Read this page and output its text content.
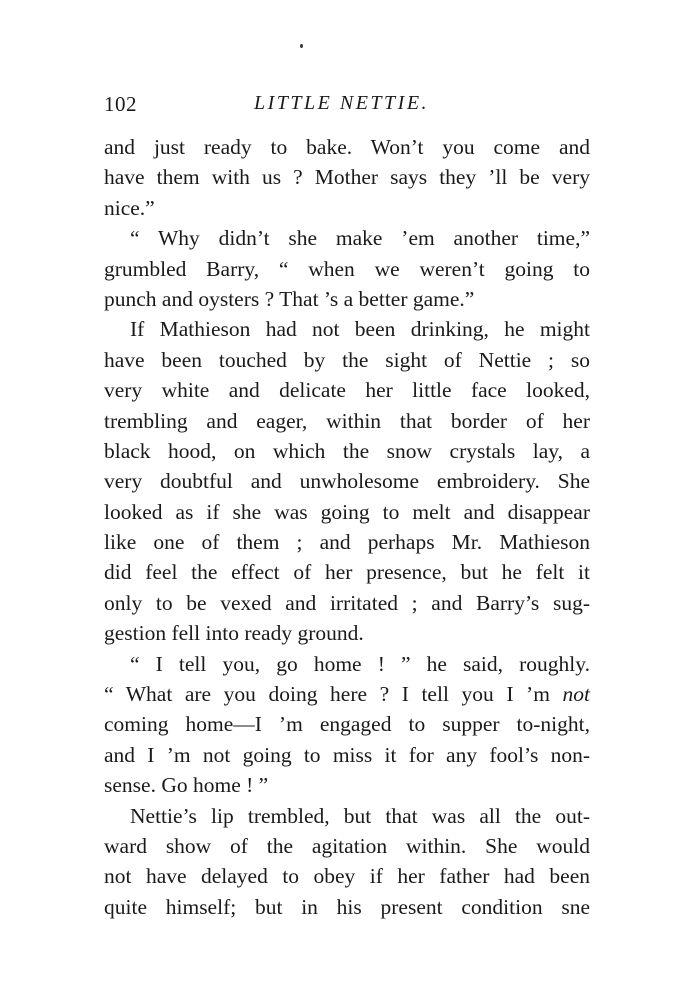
102	LITTLE NETTIE.
and just ready to bake. Won’t you come and
have them with us ? Mother says they ’ll be very
nice.”
“ Why didn’t she make ’em another time,”
grumbled Barry, “ when we weren’t going to
punch and oysters ? That ’s a better game.”
If Mathieson had not been drinking, he might
have been touched by the sight of Nettie ; so
very white and delicate her little face looked,
trembling and eager, within that border of her
black hood, on which the snow crystals lay, a
very doubtful and unwholesome embroidery. She
looked as if she was going to melt and disappear
like one of them ; and perhaps Mr. Mathieson
did feel the effect of her presence, but he felt it
only to be vexed and irritated ; and Barry’s sug-
gestion fell into ready ground.
“ I tell you, go home ! ” he said, roughly.
“ What are you doing here ? I tell you I ’m not
coming home—I ’m engaged to supper to-night,
and I ’m not going to miss it for any fool’s non-
sense. Go home ! ”
Nettie’s lip trembled, but that was all the out-
ward show of the agitation within. She would
not have delayed to obey if her father had been
quite himself; but in his present condition sne
